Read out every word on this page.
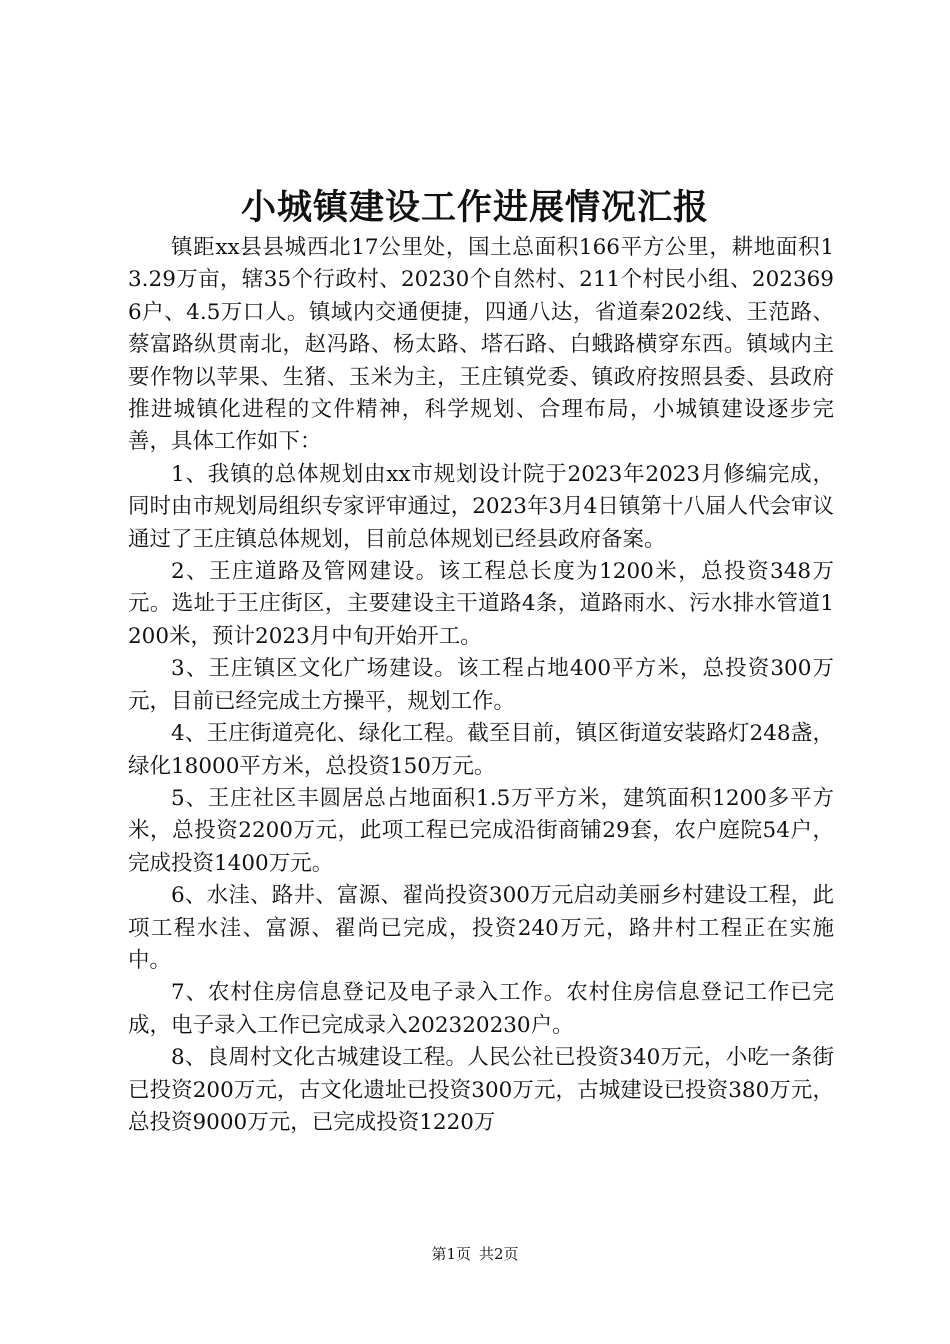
小城镇建设工作进展情况汇报

镇距xx县县城西北17公里处，国土总面积166平方公里，耕地面积13.29万亩，辖35个行政村、20230个自然村、211个村民小组、2023696户、4.5万口人。镇域内交通便捷，四通八达，省道秦202线、王范路、蔡富路纵贯南北，赵冯路、杨太路、塔石路、白蛾路横穿东西。镇域内主要作物以苹果、生猪、玉米为主，王庄镇党委、镇政府按照县委、县政府推进城镇化进程的文件精神，科学规划、合理布局，小城镇建设逐步完善，具体工作如下：

1、我镇的总体规划由xx市规划设计院于2023年2023月修编完成，同时由市规划局组织专家评审通过，2023年3月4日镇第十八届人代会审议通过了王庄镇总体规划，目前总体规划已经县政府备案。

2、王庄道路及管网建设。该工程总长度为1200米，总投资348万元。选址于王庄街区，主要建设主干道路4条，道路雨水、污水排水管道1200米，预计2023月中旬开始开工。

3、王庄镇区文化广场建设。该工程占地400平方米，总投资300万元，目前已经完成土方操平，规划工作。

4、王庄街道亮化、绿化工程。截至目前，镇区街道安装路灯248盏，绿化18000平方米，总投资150万元。

5、王庄社区丰圆居总占地面积1.5万平方米，建筑面积1200多平方米，总投资2200万元，此项工程已完成沿街商铺29套，农户庭院54户，完成投资1400万元。

6、水洼、路井、富源、翟尚投资300万元启动美丽乡村建设工程，此项工程水洼、富源、翟尚已完成，投资240万元，路井村工程正在实施中。

7、农村住房信息登记及电子录入工作。农村住房信息登记工作已完成，电子录入工作已完成录入202320230户。

8、良周村文化古城建设工程。人民公社已投资340万元，小吃一条街已投资200万元，古文化遗址已投资300万元，古城建设已投资380万元，总投资9000万元，已完成投资1220万

第1页 共2页
